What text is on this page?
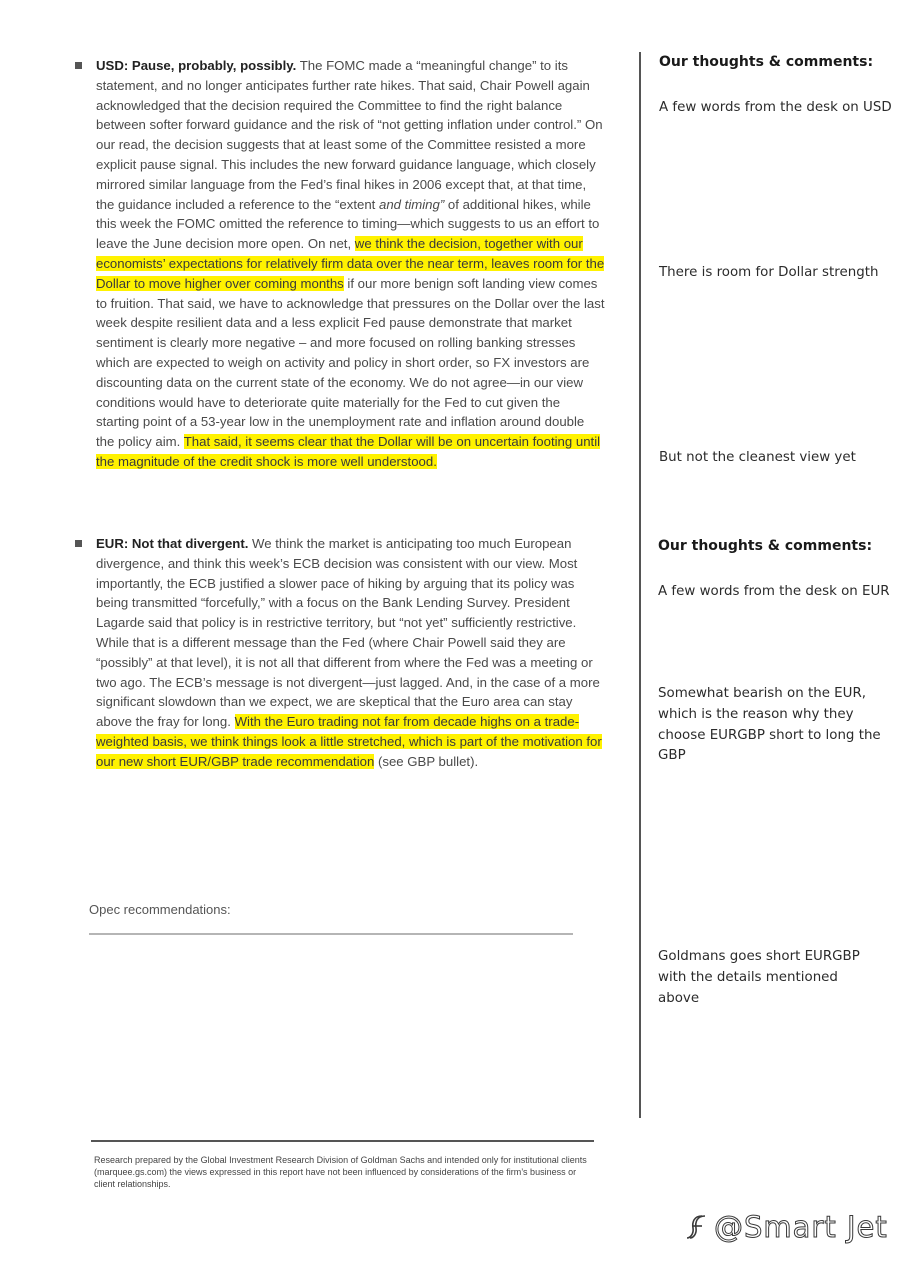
USD: Pause, probably, possibly. The FOMC made a “meaningful change” to its statement, and no longer anticipates further rate hikes. That said, Chair Powell again acknowledged that the decision required the Committee to find the right balance between softer forward guidance and the risk of “not getting inflation under control.” On our read, the decision suggests that at least some of the Committee resisted a more explicit pause signal. This includes the new forward guidance language, which closely mirrored similar language from the Fed’s final hikes in 2006 except that, at that time, the guidance included a reference to the “extent and timing” of additional hikes, while this week the FOMC omitted the reference to timing—which suggests to us an effort to leave the June decision more open. On net, we think the decision, together with our economists’ expectations for relatively firm data over the near term, leaves room for the Dollar to move higher over coming months if our more benign soft landing view comes to fruition. That said, we have to acknowledge that pressures on the Dollar over the last week despite resilient data and a less explicit Fed pause demonstrate that market sentiment is clearly more negative – and more focused on rolling banking stresses which are expected to weigh on activity and policy in short order, so FX investors are discounting data on the current state of the economy. We do not agree—in our view conditions would have to deteriorate quite materially for the Fed to cut given the starting point of a 53-year low in the unemployment rate and inflation around double the policy aim. That said, it seems clear that the Dollar will be on uncertain footing until the magnitude of the credit shock is more well understood.

EUR: Not that divergent. We think the market is anticipating too much European divergence, and think this week’s ECB decision was consistent with our view. Most importantly, the ECB justified a slower pace of hiking by arguing that its policy was being transmitted “forcefully,” with a focus on the Bank Lending Survey. President Lagarde said that policy is in restrictive territory, but “not yet” sufficiently restrictive. While that is a different message than the Fed (where Chair Powell said they are “possibly” at that level), it is not all that different from where the Fed was a meeting or two ago. The ECB’s message is not divergent—just lagged. And, in the case of a more significant slowdown than we expect, we are skeptical that the Euro area can stay above the fray for long. With the Euro trading not far from decade highs on a trade-weighted basis, we think things look a little stretched, which is part of the motivation for our new short EUR/GBP trade recommendation (see GBP bullet).

Opec recommendations:
Our thoughts & comments:
A few words from the desk on USD
There is room for Dollar strength
But not the cleanest view yet
Our thoughts & comments:
A few words from the desk on EUR
Somewhat bearish on the EUR, which is the reason why they choose EURGBP short to long the GBP
Goldmans goes short EURGBP with the details mentioned above
Research prepared by the Global Investment Research Division of Goldman Sachs and intended only for institutional clients (marquee.gs.com) the views expressed in this report have not been influenced by considerations of the firm’s business or client relationships.
@Smart Jet
